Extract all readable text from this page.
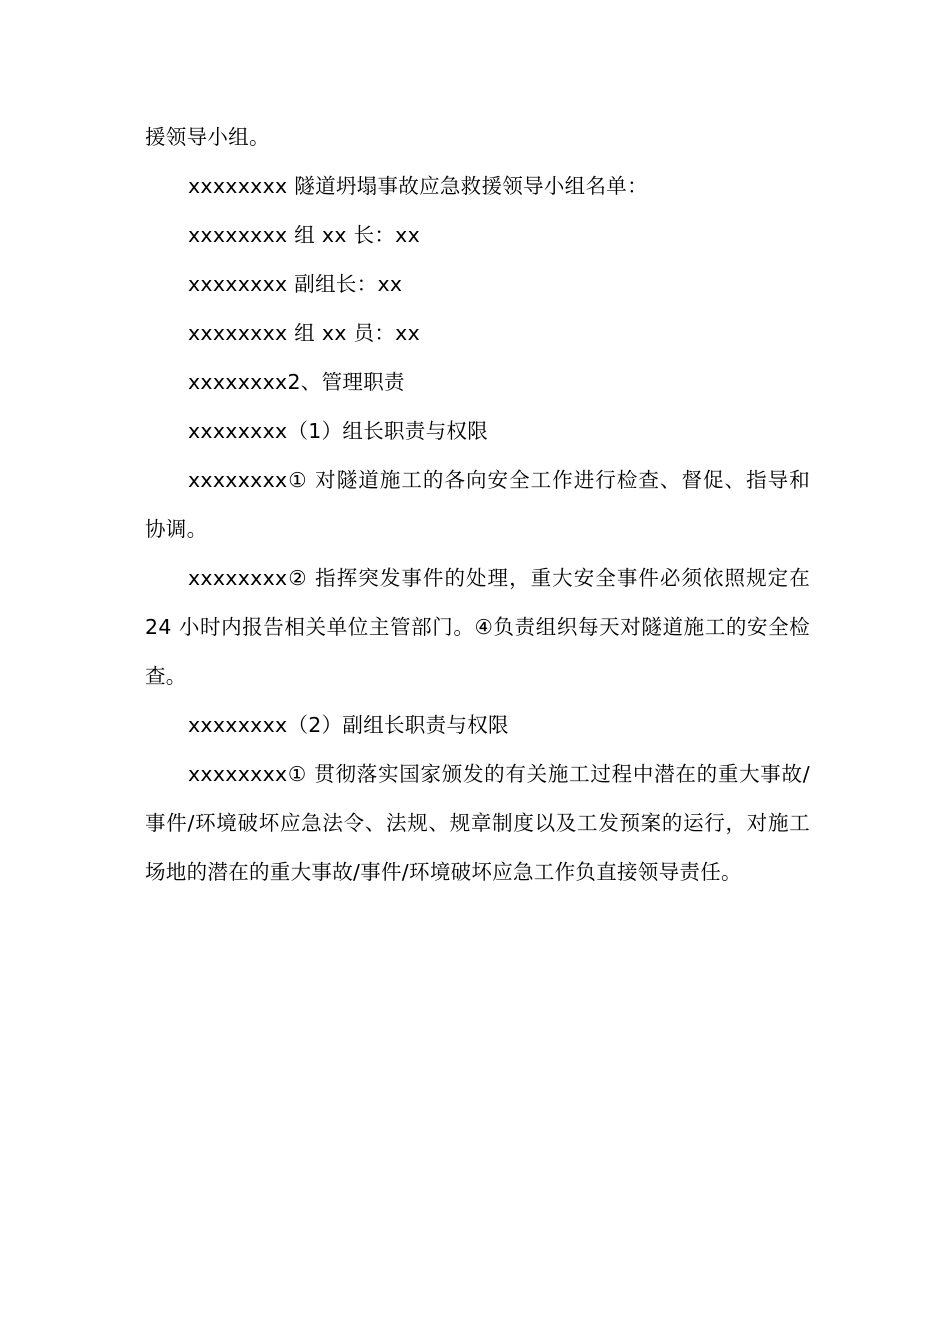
援领导小组。

xxxxxxxx 隧道坍塌事故应急救援领导小组名单：

xxxxxxxx 组 xx 长：xx

xxxxxxxx 副组长：xx

xxxxxxxx 组 xx 员：xx

xxxxxxxx2、管理职责

xxxxxxxx（1）组长职责与权限

xxxxxxxx① 对隧道施工的各向安全工作进行检查、督促、指导和协调。

xxxxxxxx② 指挥突发事件的处理，重大安全事件必须依照规定在 24 小时内报告相关单位主管部门。④负责组织每天对隧道施工的安全检查。

xxxxxxxx（2）副组长职责与权限

xxxxxxxx① 贯彻落实国家颁发的有关施工过程中潜在的重大事故/事件/环境破坏应急法令、法规、规章制度以及工发预案的运行，对施工场地的潜在的重大事故/事件/环境破坏应急工作负直接领导责任。
